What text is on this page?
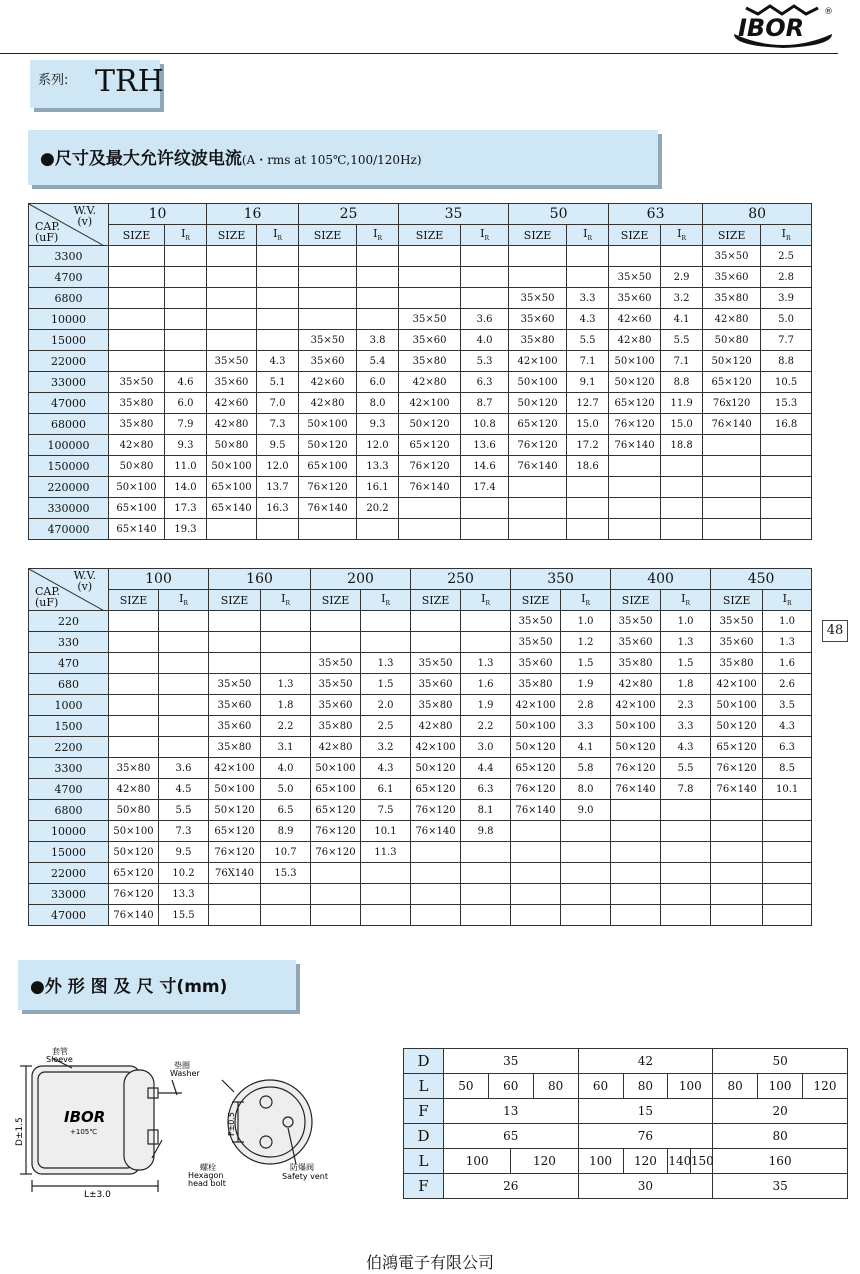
IBOR
®
系列: TRH
●尺寸及最大允许纹波电流(A・rms at 105℃,100/120Hz)
W.V.
(v)
CAP.
(uF)	10		16		25		35		50		63		80	
	SIZE	$I_R$	SIZE	$I_R$	SIZE	$I_R$	SIZE	$I_R$	SIZE	$I_R$	SIZE	$I_R$	SIZE	$I_R$
3300													35×50	2.5
4700											35×50	2.9	35×60	2.8
6800									35×50	3.3	35×60	3.2	35×80	3.9
10000							35×50	3.6	35×60	4.3	42×60	4.1	42×80	5.0
15000					35×50	3.8	35×60	4.0	35×80	5.5	42×80	5.5	50×80	7.7
22000			35×50	4.3	35×60	5.4	35×80	5.3	42×100	7.1	50×100	7.1	50×120	8.8
33000	35×50	4.6	35×60	5.1	42×60	6.0	42×80	6.3	50×100	9.1	50×120	8.8	65×120	10.5
47000	35×80	6.0	42×60	7.0	42×80	8.0	42×100	8.7	50×120	12.7	65×120	11.9	76x120	15.3
68000	35×80	7.9	42×80	7.3	50×100	9.3	50×120	10.8	65×120	15.0	76×120	15.0	76×140	16.8
100000	42×80	9.3	50×80	9.5	50×120	12.0	65×120	13.6	76×120	17.2	76×140	18.8		
150000	50×80	11.0	50×100	12.0	65×100	13.3	76×120	14.6	76×140	18.6				
220000	50×100	14.0	65×100	13.7	76×120	16.1	76×140	17.4						
330000	65×100	17.3	65×140	16.3	76×140	20.2								
470000	65×140	19.3												
W.V.
(v)
CAP.
(uF)	100		160		200		250		350		400		450	
	SIZE	$I_R$	SIZE	$I_R$	SIZE	$I_R$	SIZE	$I_R$	SIZE	$I_R$	SIZE	$I_R$	SIZE	$I_R$
220									35×50	1.0	35×50	1.0	35×50	1.0
330									35×50	1.2	35×60	1.3	35×60	1.3
470					35×50	1.3	35×50	1.3	35×60	1.5	35×80	1.5	35×80	1.6
680			35×50	1.3	35×50	1.5	35×60	1.6	35×80	1.9	42×80	1.8	42×100	2.6
1000			35×60	1.8	35×60	2.0	35×80	1.9	42×100	2.8	42×100	2.3	50×100	3.5
1500			35×60	2.2	35×80	2.5	42×80	2.2	50×100	3.3	50×100	3.3	50×120	4.3
2200			35×80	3.1	42×80	3.2	42×100	3.0	50×120	4.1	50×120	4.3	65×120	6.3
3300	35×80	3.6	42×100	4.0	50×100	4.3	50×120	4.4	65×120	5.8	76×120	5.5	76×120	8.5
4700	42×80	4.5	50×100	5.0	65×100	6.1	65×120	6.3	76×120	8.0	76×140	7.8	76×140	10.1
6800	50×80	5.5	50×120	6.5	65×120	7.5	76×120	8.1	76×140	9.0				
10000	50×100	7.3	65×120	8.9	76×120	10.1	76×140	9.8						
15000	50×120	9.5	76×120	10.7	76×120	11.3								
22000	65×120	10.2	76X140	15.3										
33000	76×120	13.3												
47000	76×140	15.5												
48
●外 形 图 及 尺 寸(mm)
套管
Sleeve
垫圈
Washer
螺栓
Hexagon
head bolt
防爆阀
Safety vent
D±1.5
L±3.0
F±0.5
IBOR
+105℃
D	35				42				50		
L	50	60		80	60	80	100		80	100	120
F	13				15				20		
D	65				76				80		
L	100		120		100	120	140	150	160		
F	26				30				35		
伯鴻電子有限公司
